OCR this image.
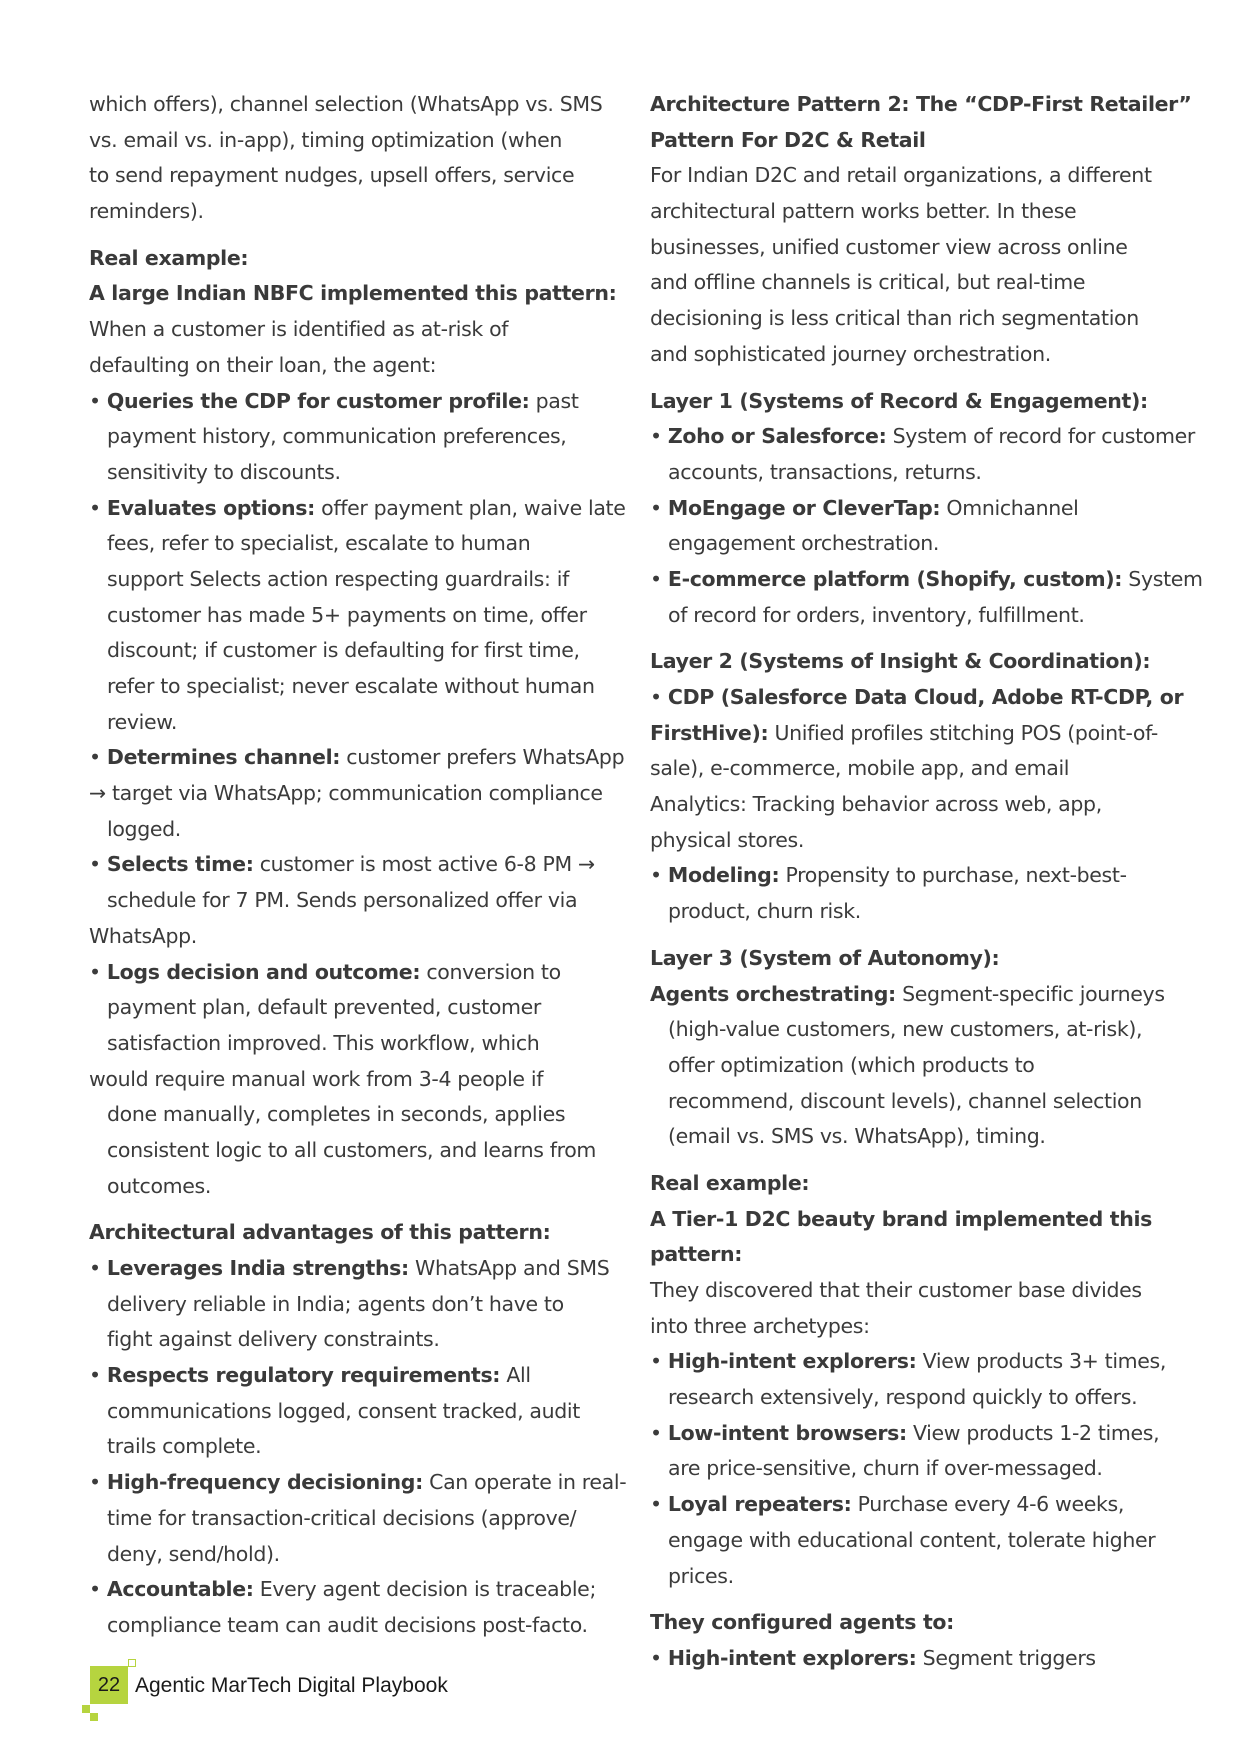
which offers), channel selection (WhatsApp vs. SMS
vs. email vs. in-app), timing optimization (when
to send repayment nudges, upsell offers, service
reminders).
Real example:
A large Indian NBFC implemented this pattern:
When a customer is identified as at-risk of
defaulting on their loan, the agent:
• Queries the CDP for customer profile: past
payment history, communication preferences,
sensitivity to discounts.
• Evaluates options: offer payment plan, waive late
fees, refer to specialist, escalate to human
support Selects action respecting guardrails: if
customer has made 5+ payments on time, offer
discount; if customer is defaulting for first time,
refer to specialist; never escalate without human
review.
• Determines channel: customer prefers WhatsApp
→ target via WhatsApp; communication compliance
logged.
• Selects time: customer is most active 6-8 PM →
schedule for 7 PM. Sends personalized offer via
WhatsApp.
• Logs decision and outcome: conversion to
payment plan, default prevented, customer
satisfaction improved. This workflow, which
would require manual work from 3-4 people if
done manually, completes in seconds, applies
consistent logic to all customers, and learns from
outcomes.
Architectural advantages of this pattern:
• Leverages India strengths: WhatsApp and SMS
delivery reliable in India; agents don’t have to
fight against delivery constraints.
• Respects regulatory requirements: All
communications logged, consent tracked, audit
trails complete.
• High-frequency decisioning: Can operate in real-
time for transaction-critical decisions (approve/
deny, send/hold).
• Accountable: Every agent decision is traceable;
compliance team can audit decisions post-facto.
Architecture Pattern 2: The “CDP-First Retailer”
Pattern For D2C & Retail
For Indian D2C and retail organizations, a different
architectural pattern works better. In these
businesses, unified customer view across online
and offline channels is critical, but real-time
decisioning is less critical than rich segmentation
and sophisticated journey orchestration.
Layer 1 (Systems of Record & Engagement):
• Zoho or Salesforce: System of record for customer
accounts, transactions, returns.
• MoEngage or CleverTap: Omnichannel
engagement orchestration.
• E-commerce platform (Shopify, custom): System
of record for orders, inventory, fulfillment.
Layer 2 (Systems of Insight & Coordination):
• CDP (Salesforce Data Cloud, Adobe RT-CDP, or
FirstHive): Unified profiles stitching POS (point-of-
sale), e-commerce, mobile app, and email
Analytics: Tracking behavior across web, app,
physical stores.
• Modeling: Propensity to purchase, next-best-
product, churn risk.
Layer 3 (System of Autonomy):
Agents orchestrating: Segment-specific journeys
(high-value customers, new customers, at-risk),
offer optimization (which products to
recommend, discount levels), channel selection
(email vs. SMS vs. WhatsApp), timing.
Real example:
A Tier-1 D2C beauty brand implemented this
pattern:
They discovered that their customer base divides
into three archetypes:
• High-intent explorers: View products 3+ times,
research extensively, respond quickly to offers.
• Low-intent browsers: View products 1-2 times,
are price-sensitive, churn if over-messaged.
• Loyal repeaters: Purchase every 4-6 weeks,
engage with educational content, tolerate higher
prices.
They configured agents to:
• High-intent explorers: Segment triggers
22 Agentic MarTech Digital Playbook
